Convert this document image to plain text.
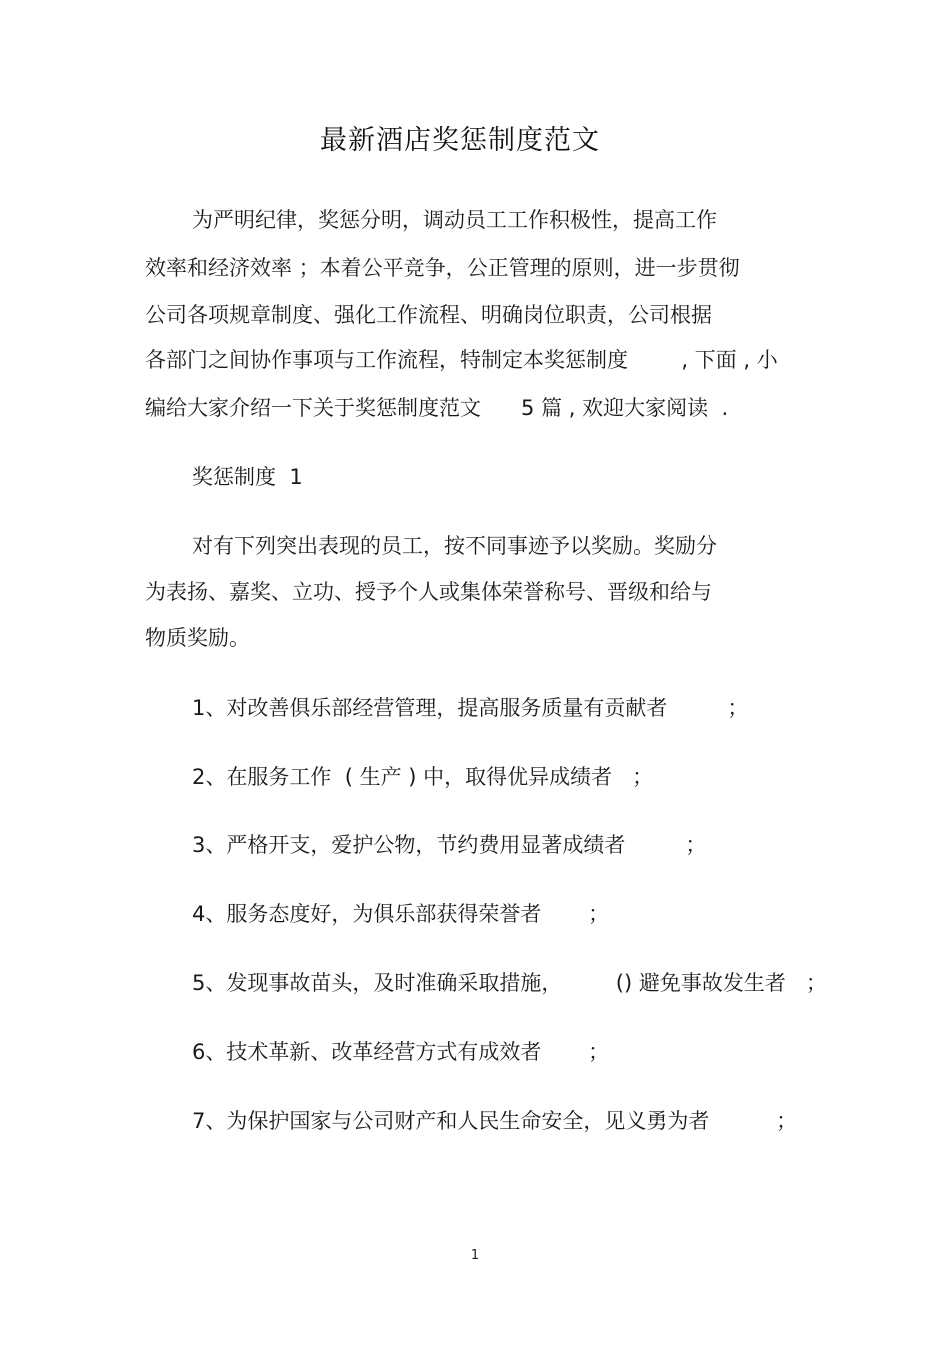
最新酒店奖惩制度范文
为严明纪律，奖惩分明，调动员工工作积极性，提高工作
效率和经济效率 ；本着公平竞争，公正管理的原则，进一步贯彻
公司各项规章制度、强化工作流程、明确岗位职责，公司根据
各部门之间协作事项与工作流程，特制定本奖惩制度        , 下面 , 小
编给大家介绍一下关于奖惩制度范文      5 篇 , 欢迎大家阅读  .
奖惩制度  1
对有下列突出表现的员工，按不同事迹予以奖励。奖励分
为表扬、嘉奖、立功、授予个人或集体荣誉称号、晋级和给与
物质奖励。
1、对改善俱乐部经营管理，提高服务质量有贡献者         ；
2、在服务工作  ( 生产 ) 中，取得优异成绩者   ；
3、严格开支，爱护公物，节约费用显著成绩者         ；
4、服务态度好，为俱乐部获得荣誉者       ；
5、发现事故苗头，及时准确采取措施，        () 避免事故发生者   ；
6、技术革新、改革经营方式有成效者       ；
7、为保护国家与公司财产和人民生命安全，见义勇为者          ；
1
